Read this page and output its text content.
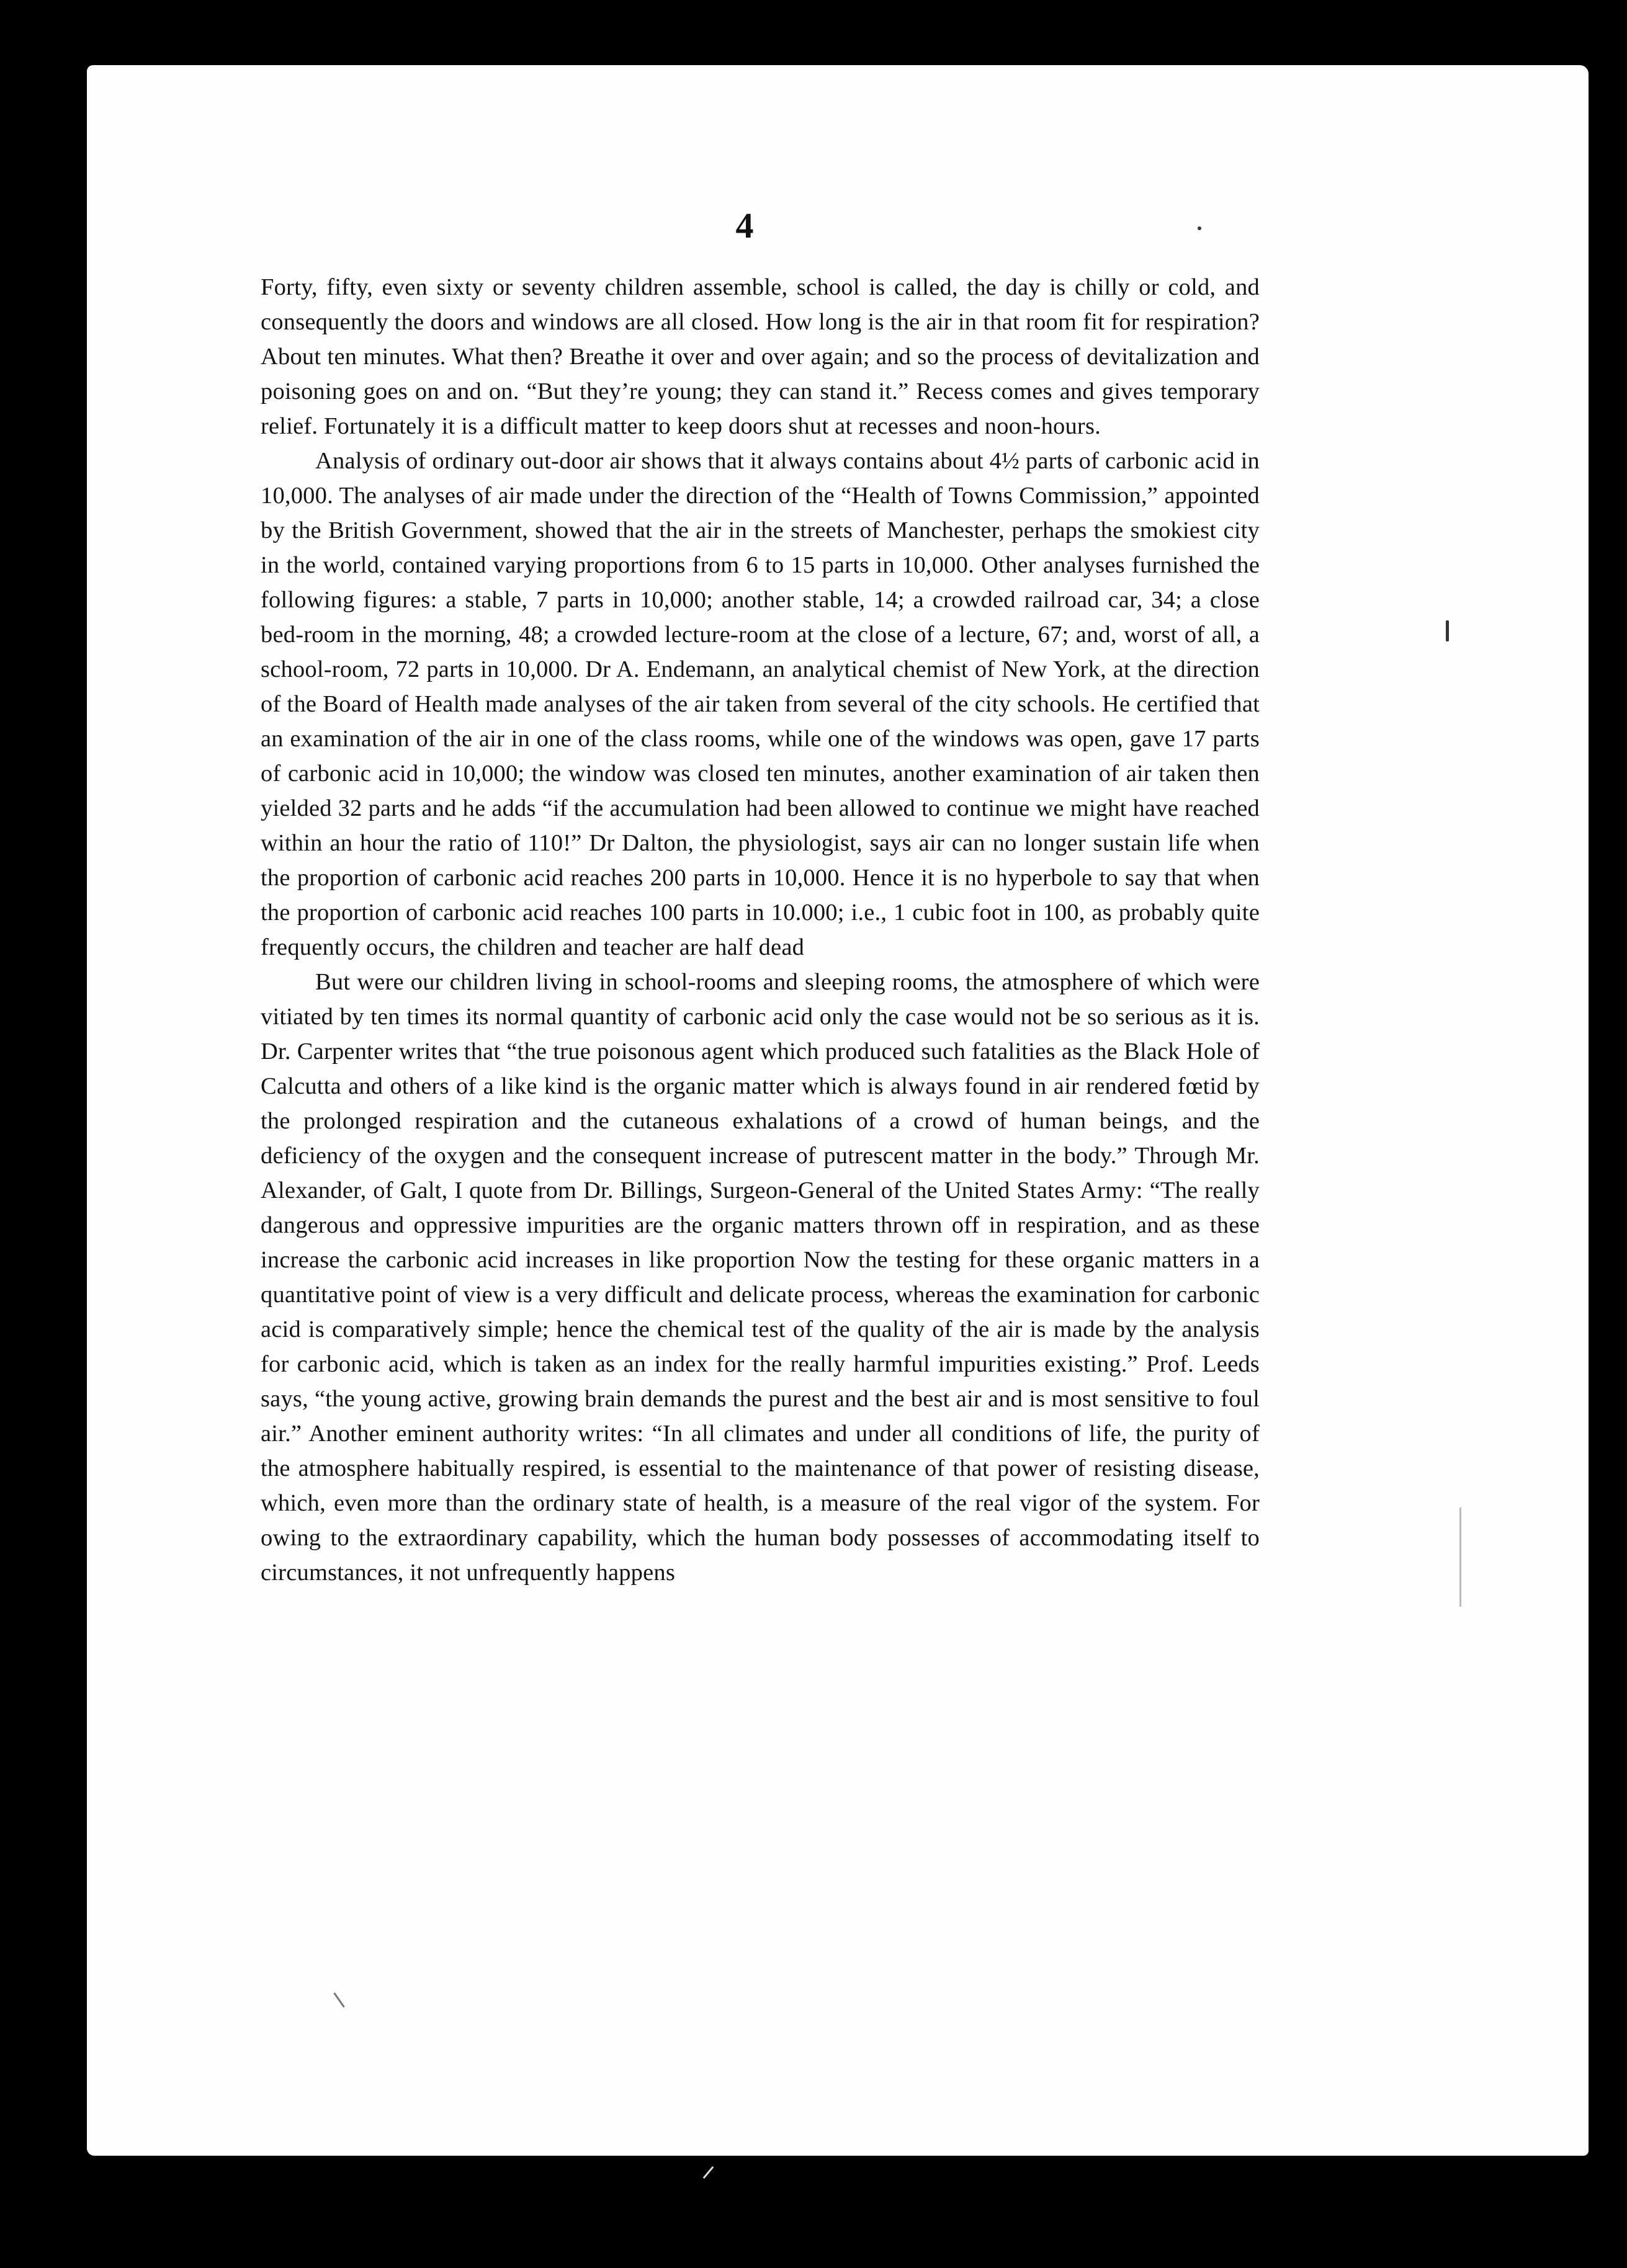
4

Forty, fifty, even sixty or seventy children assemble, school is called, the day is chilly or cold, and consequently the doors and windows are all closed. How long is the air in that room fit for respiration? About ten minutes. What then? Breathe it over and over again; and so the process of devitalization and poisoning goes on and on. “But they’re young; they can stand it.” Recess comes and gives temporary relief. Fortunately it is a difficult matter to keep doors shut at recesses and noon-hours.

Analysis of ordinary out-door air shows that it always contains about 4½ parts of carbonic acid in 10,000. The analyses of air made under the direction of the “Health of Towns Commission,” appointed by the British Government, showed that the air in the streets of Manchester, perhaps the smokiest city in the world, contained varying proportions from 6 to 15 parts in 10,000. Other analyses furnished the following figures: a stable, 7 parts in 10,000; another stable, 14; a crowded railroad car, 34; a close bed-room in the morning, 48; a crowded lecture-room at the close of a lecture, 67; and, worst of all, a school-room, 72 parts in 10,000. Dr A. Endemann, an analytical chemist of New York, at the direction of the Board of Health made analyses of the air taken from several of the city schools. He certified that an examination of the air in one of the class rooms, while one of the windows was open, gave 17 parts of carbonic acid in 10,000; the window was closed ten minutes, another examination of air taken then yielded 32 parts and he adds “if the accumulation had been allowed to continue we might have reached within an hour the ratio of 110!” Dr Dalton, the physiologist, says air can no longer sustain life when the proportion of carbonic acid reaches 200 parts in 10,000. Hence it is no hyperbole to say that when the proportion of carbonic acid reaches 100 parts in 10.000; i.e., 1 cubic foot in 100, as probably quite frequently occurs, the children and teacher are half dead

But were our children living in school-rooms and sleeping rooms, the atmosphere of which were vitiated by ten times its normal quantity of carbonic acid only the case would not be so serious as it is. Dr. Carpenter writes that “the true poisonous agent which produced such fatalities as the Black Hole of Calcutta and others of a like kind is the organic matter which is always found in air rendered fœtid by the prolonged respiration and the cutaneous exhalations of a crowd of human beings, and the deficiency of the oxygen and the consequent increase of putrescent matter in the body.” Through Mr. Alexander, of Galt, I quote from Dr. Billings, Surgeon-General of the United States Army: “The really dangerous and oppressive impurities are the organic matters thrown off in respiration, and as these increase the carbonic acid increases in like proportion Now the testing for these organic matters in a quantitative point of view is a very difficult and delicate process, whereas the examination for carbonic acid is comparatively simple; hence the chemical test of the quality of the air is made by the analysis for carbonic acid, which is taken as an index for the really harmful impurities existing.” Prof. Leeds says, “the young active, growing brain demands the purest and the best air and is most sensitive to foul air.” Another eminent authority writes: “In all climates and under all conditions of life, the purity of the atmosphere habitually respired, is essential to the maintenance of that power of resisting disease, which, even more than the ordinary state of health, is a measure of the real vigor of the system. For owing to the extraordinary capability, which the human body possesses of accommodating itself to circumstances, it not unfrequently happens
